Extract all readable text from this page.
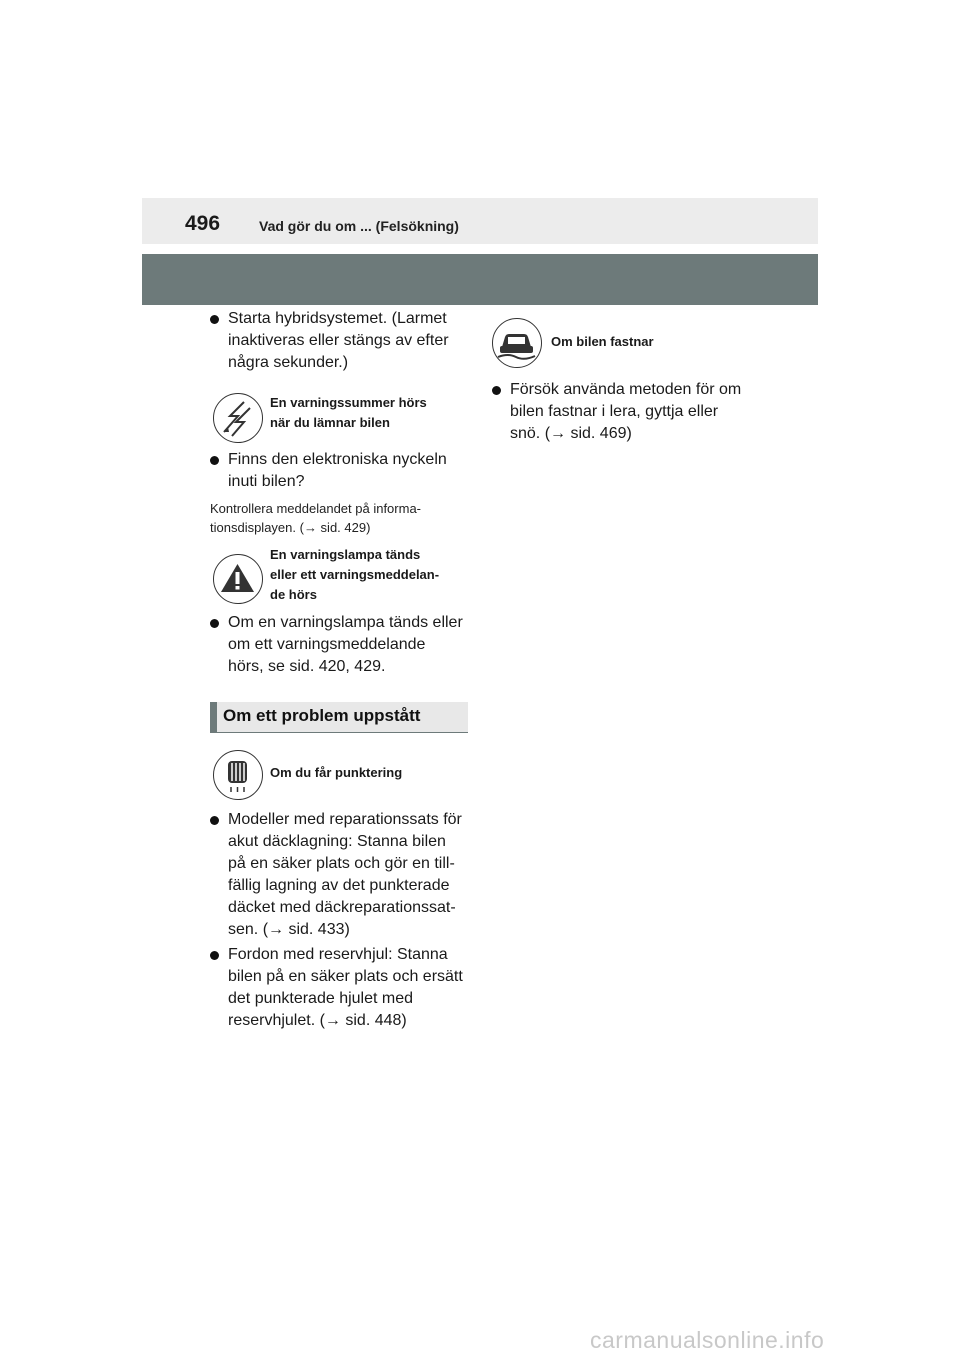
496	Vad gör du om ... (Felsökning)
Starta hybridsystemet. (Larmet
inaktiveras eller stängs av efter
några sekunder.)
En varningssummer hörs
när du lämnar bilen
Finns den elektroniska nyckeln
inuti bilen?
Kontrollera meddelandet på informa-
tionsdisplayen. (→ sid. 429)
En varningslampa tänds
eller ett varningsmeddelan-
de hörs
Om en varningslampa tänds eller
om ett varningsmeddelande
hörs, se sid. 420, 429.
Om ett problem uppstått
Om du får punktering
Modeller med reparationssats för
akut däcklagning: Stanna bilen
på en säker plats och gör en till-
fällig lagning av det punkterade
däcket med däckreparationssat-
sen. (→ sid. 433)
Fordon med reservhjul: Stanna
bilen på en säker plats och ersätt
det punkterade hjulet med
reservhjulet. (→ sid. 448)
Om bilen fastnar
Försök använda metoden för om
bilen fastnar i lera, gyttja eller
snö. (→ sid. 469)
carmanualsonline.info
